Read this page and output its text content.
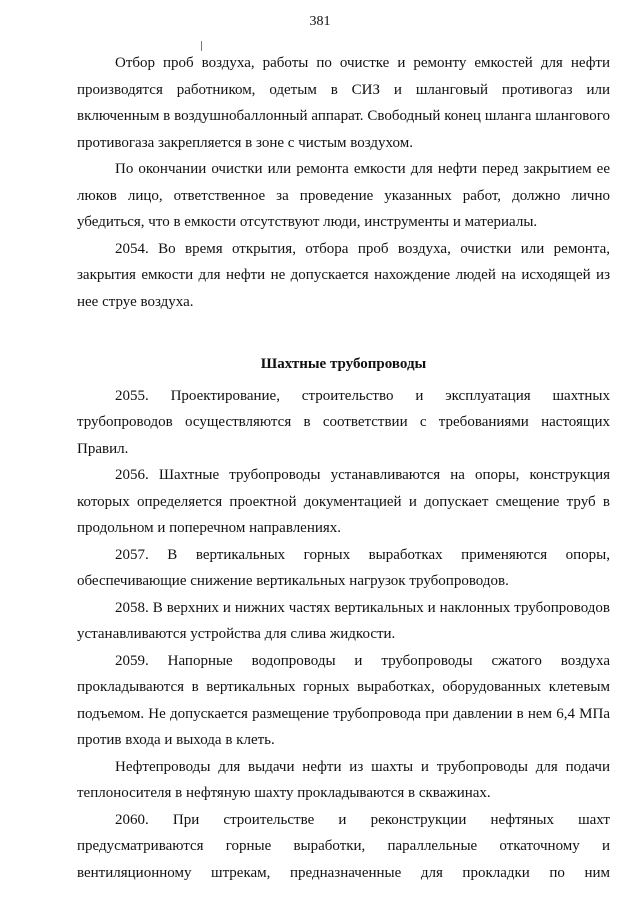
381

Отбор проб воздуха, работы по очистке и ремонту емкостей для нефти производятся работником, одетым в СИЗ и шланговый противогаз или включенным в воздушнобаллонный аппарат. Свободный конец шланга шлангового противогаза закрепляется в зоне с чистым воздухом.

По окончании очистки или ремонта емкости для нефти перед закрытием ее люков лицо, ответственное за проведение указанных работ, должно лично убедиться, что в емкости отсутствуют люди, инструменты и материалы.

2054. Во время открытия, отбора проб воздуха, очистки или ремонта, закрытия емкости для нефти не допускается нахождение людей на исходящей из нее струе воздуха.

Шахтные трубопроводы

2055. Проектирование, строительство и эксплуатация шахтных трубопроводов осуществляются в соответствии с требованиями настоящих Правил.

2056. Шахтные трубопроводы устанавливаются на опоры, конструкция которых определяется проектной документацией и допускает смещение труб в продольном и поперечном направлениях.

2057. В вертикальных горных выработках применяются опоры, обеспечивающие снижение вертикальных нагрузок трубопроводов.

2058. В верхних и нижних частях вертикальных и наклонных трубопроводов устанавливаются устройства для слива жидкости.

2059. Напорные водопроводы и трубопроводы сжатого воздуха прокладываются в вертикальных горных выработках, оборудованных клетевым подъемом. Не допускается размещение трубопровода при давлении в нем 6,4 МПа против входа и выхода в клеть.

Нефтепроводы для выдачи нефти из шахты и трубопроводы для подачи теплоносителя в нефтяную шахту прокладываются в скважинах.

2060. При строительстве и реконструкции нефтяных шахт предусматриваются горные выработки, параллельные откаточному и вентиляционному штрекам, предназначенные для прокладки по ним
